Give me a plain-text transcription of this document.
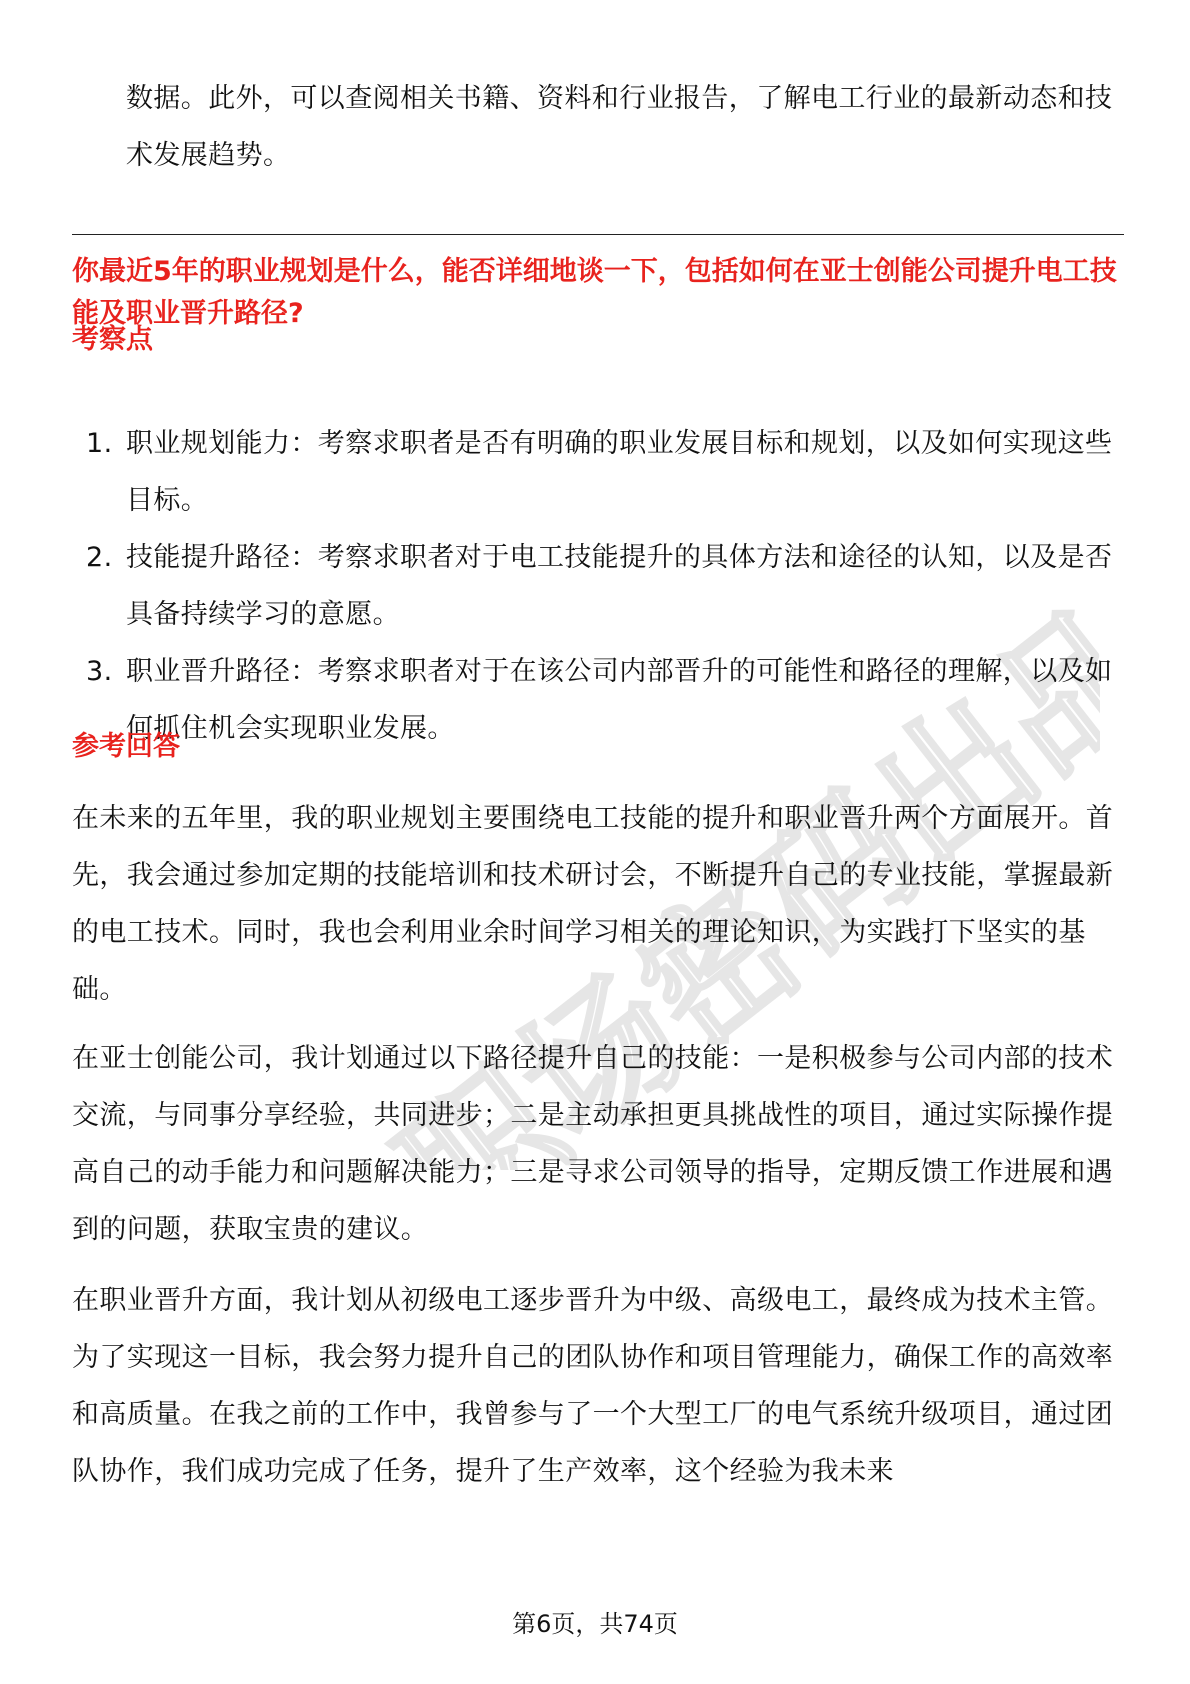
职场密码出品
数据。此外，可以查阅相关书籍、资料和行业报告，了解电工行业的最新动态和技术发展趋势。
你最近5年的职业规划是什么，能否详细地谈一下，包括如何在亚士创能公司提升电工技能及职业晋升路径?
考察点
1. 职业规划能力：考察求职者是否有明确的职业发展目标和规划，以及如何实现这些目标。
2. 技能提升路径：考察求职者对于电工技能提升的具体方法和途径的认知，以及是否具备持续学习的意愿。
3. 职业晋升路径：考察求职者对于在该公司内部晋升的可能性和路径的理解，以及如何抓住机会实现职业发展。
参考回答

在未来的五年里，我的职业规划主要围绕电工技能的提升和职业晋升两个方面展开。首先，我会通过参加定期的技能培训和技术研讨会，不断提升自己的专业技能，掌握最新的电工技术。同时，我也会利用业余时间学习相关的理论知识，为实践打下坚实的基础。

在亚士创能公司，我计划通过以下路径提升自己的技能：一是积极参与公司内部的技术交流，与同事分享经验，共同进步；二是主动承担更具挑战性的项目，通过实际操作提高自己的动手能力和问题解决能力；三是寻求公司领导的指导，定期反馈工作进展和遇到的问题，获取宝贵的建议。

在职业晋升方面，我计划从初级电工逐步晋升为中级、高级电工，最终成为技术主管。为了实现这一目标，我会努力提升自己的团队协作和项目管理能力，确保工作的高效率和高质量。在我之前的工作中，我曾参与了一个大型工厂的电气系统升级项目，通过团队协作，我们成功完成了任务，提升了生产效率，这个经验为我未来

第6页，共74页
